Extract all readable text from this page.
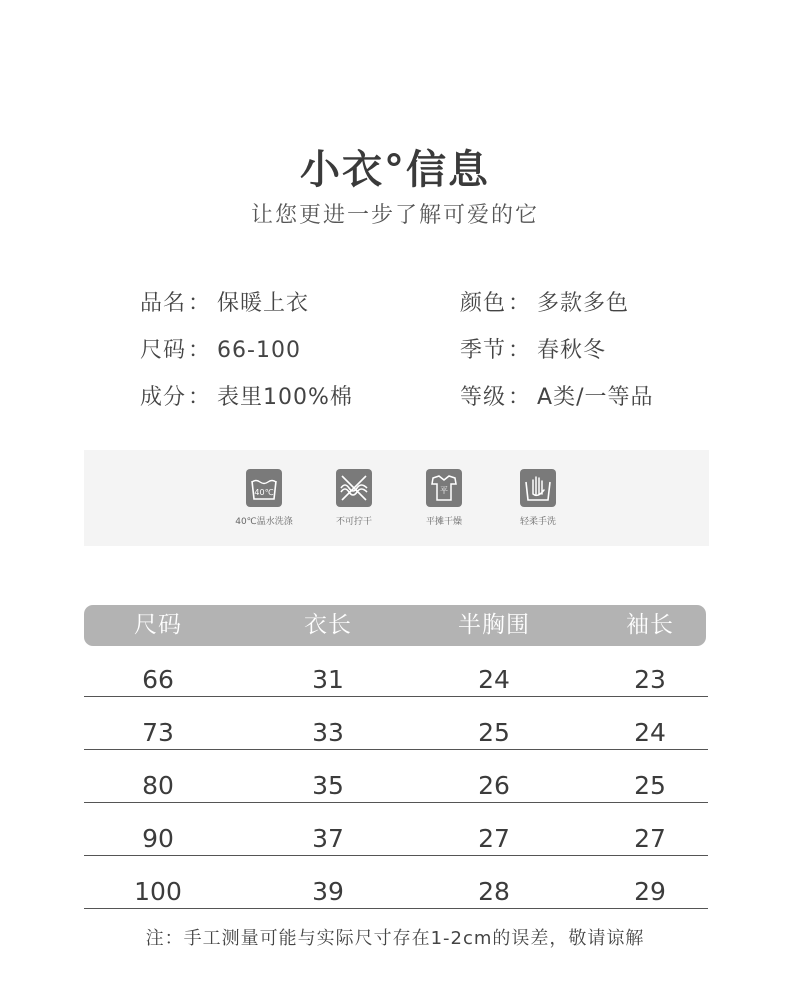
小衣°信息
让您更进一步了解可爱的它
品名： 保暖上衣	颜色： 多款多色
尺码： 66-100	季节： 春秋冬
成分： 表里100%棉	等级： A类/一等品
40℃
40℃温水洗涤	不可拧干
平
平摊干燥	轻柔手洗
尺码	衣长	半胸围	袖长
66	31	24	23
73	33	25	24
80	35	26	25
90	37	27	27
100	39	28	29
注：手工测量可能与实际尺寸存在1-2cm的误差，敬请谅解
